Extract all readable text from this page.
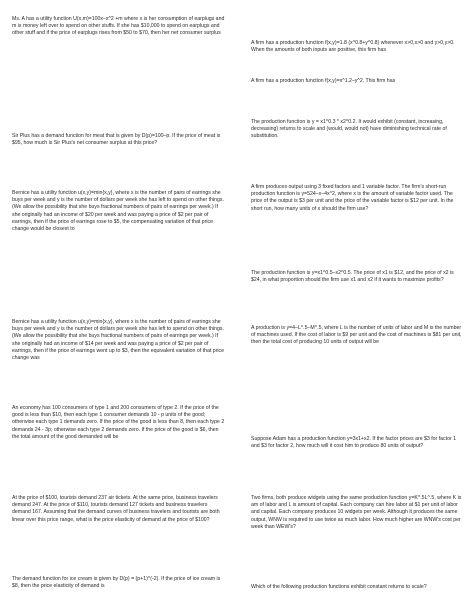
Ms. A has a utility function U(x,m)=100x–x^2 +m where x is her consumption of earplugs and m is money left over to spend on other stuffs. If she has $10,000 to spend on earplugs and other stuff and if the price of earplugs rises from $50 to $70, then her net consumer surplus
Sir Plus has a demand function for meat that is given by D(p)=100–p. If the price of meat is $95, how much is Sir Plus's net consumer surplus at this price?
Bernice has a utility function u(x,y)=min{x,y}, where x is the number of pairs of earrings she buys per week and y is the number of dollars per week she has left to spend on other things. (We allow the possibility that she buys fractional numbers of pairs of earrings per week.) If she originally had an income of $20 per week and was paying a price of $2 per pair of earrings, then if the price of earrings rose to $5, the compensating variation of that price change would be closest to
Bernice has a utility function u(x,y)=min{x,y}, where x is the number of pairs of earrings she buys per week and y is the number of dollars per week she has left to spend on other things. (We allow the possibility that she buys fractional numbers of pairs of earrings per week.) If she originally had an income of $14 per week and was paying a price of $2 per pair of earrings, then if the price of earrings went up to $3, then the equivalent variation of that price change was
An economy has 100 consumers of type 1 and 200 consumers of type 2. If the price of the good is less than $10, then each type 1 consumer demands 10 - p units of the good; otherwise each type 1 demands zero. If the price of the good is less than 8, then each type 2 demands 24 - 3p; otherwise each type 2 demands zero. If the price of the good is $6, then the total amount of the good demanded will be
At the price of $100, tourists demand 237 air tickets. At the same price, business travelers demand 247. At the price of $110, tourists demand 127 tickets and business travelers demand 167. Assuming that the demand curves of business travelers and tourists are both linear over this price range, what is the price elasticity of demand at the price of $100?
The demand function for ice cream is given by D(p) = (p+1)^(-2). If the price of ice cream is $8, then the price elasticity of demand is
A firm has a production function f(x,y)=1.8 (x^0.8+y^0.8) whenever x>0,x>0 and y>0,y>0. When the amounts of both inputs are positive, this firm has
A firm has a production function f(x,y)=x^1.2–y^2. This firm has
The production function is y = x1^0.3 * x2^0.2. It would exhibit (constant, increasing, decreasing) returns to scale and (would, would not) have diminishing technical rate of substitution.
A firm produces output using 3 fixed factors and 1 variable factor. The firm's short-run production function is y=524–x–4x^2, where x is the amount of variable factor used. The price of the output is $3 per unit and the price of the variable factor is $12 per unit. In the short run, how many units of x should the firm use?
The production function is y=x1^0.5–x2^0.5. The price of x1 is $12, and the price of x2 is $24, in what proportion should the firm use x1 and x2 if it wants to maximize profits?
A production is y=4–L^.5–M^.5, where L is the number of units of labor and M is the number of machines used. If the cost of labor is $9 per unit and the cost of machines is $81 per unit, then the total cost of producing 10 units of output will be
Suppose Adam has a production function y=3x1+x2. If the factor prices are $3 for factor 1 and $3 for factor 2, how much will it cost him to produce 80 units of output?
Two firms, both produce widgets using the same production function y=K^.5L^.5, where K is am of labor and L is amount of capital. Each company can hire labor at $1 per unit of labor and capital. Each company produces 10 widgets per week. Although it produces the same output, WNW is required to use twice as much labor. How much higher are WNW's cost per week than WEW's?
Which of the following production functions exhibit constant returns to scale?
